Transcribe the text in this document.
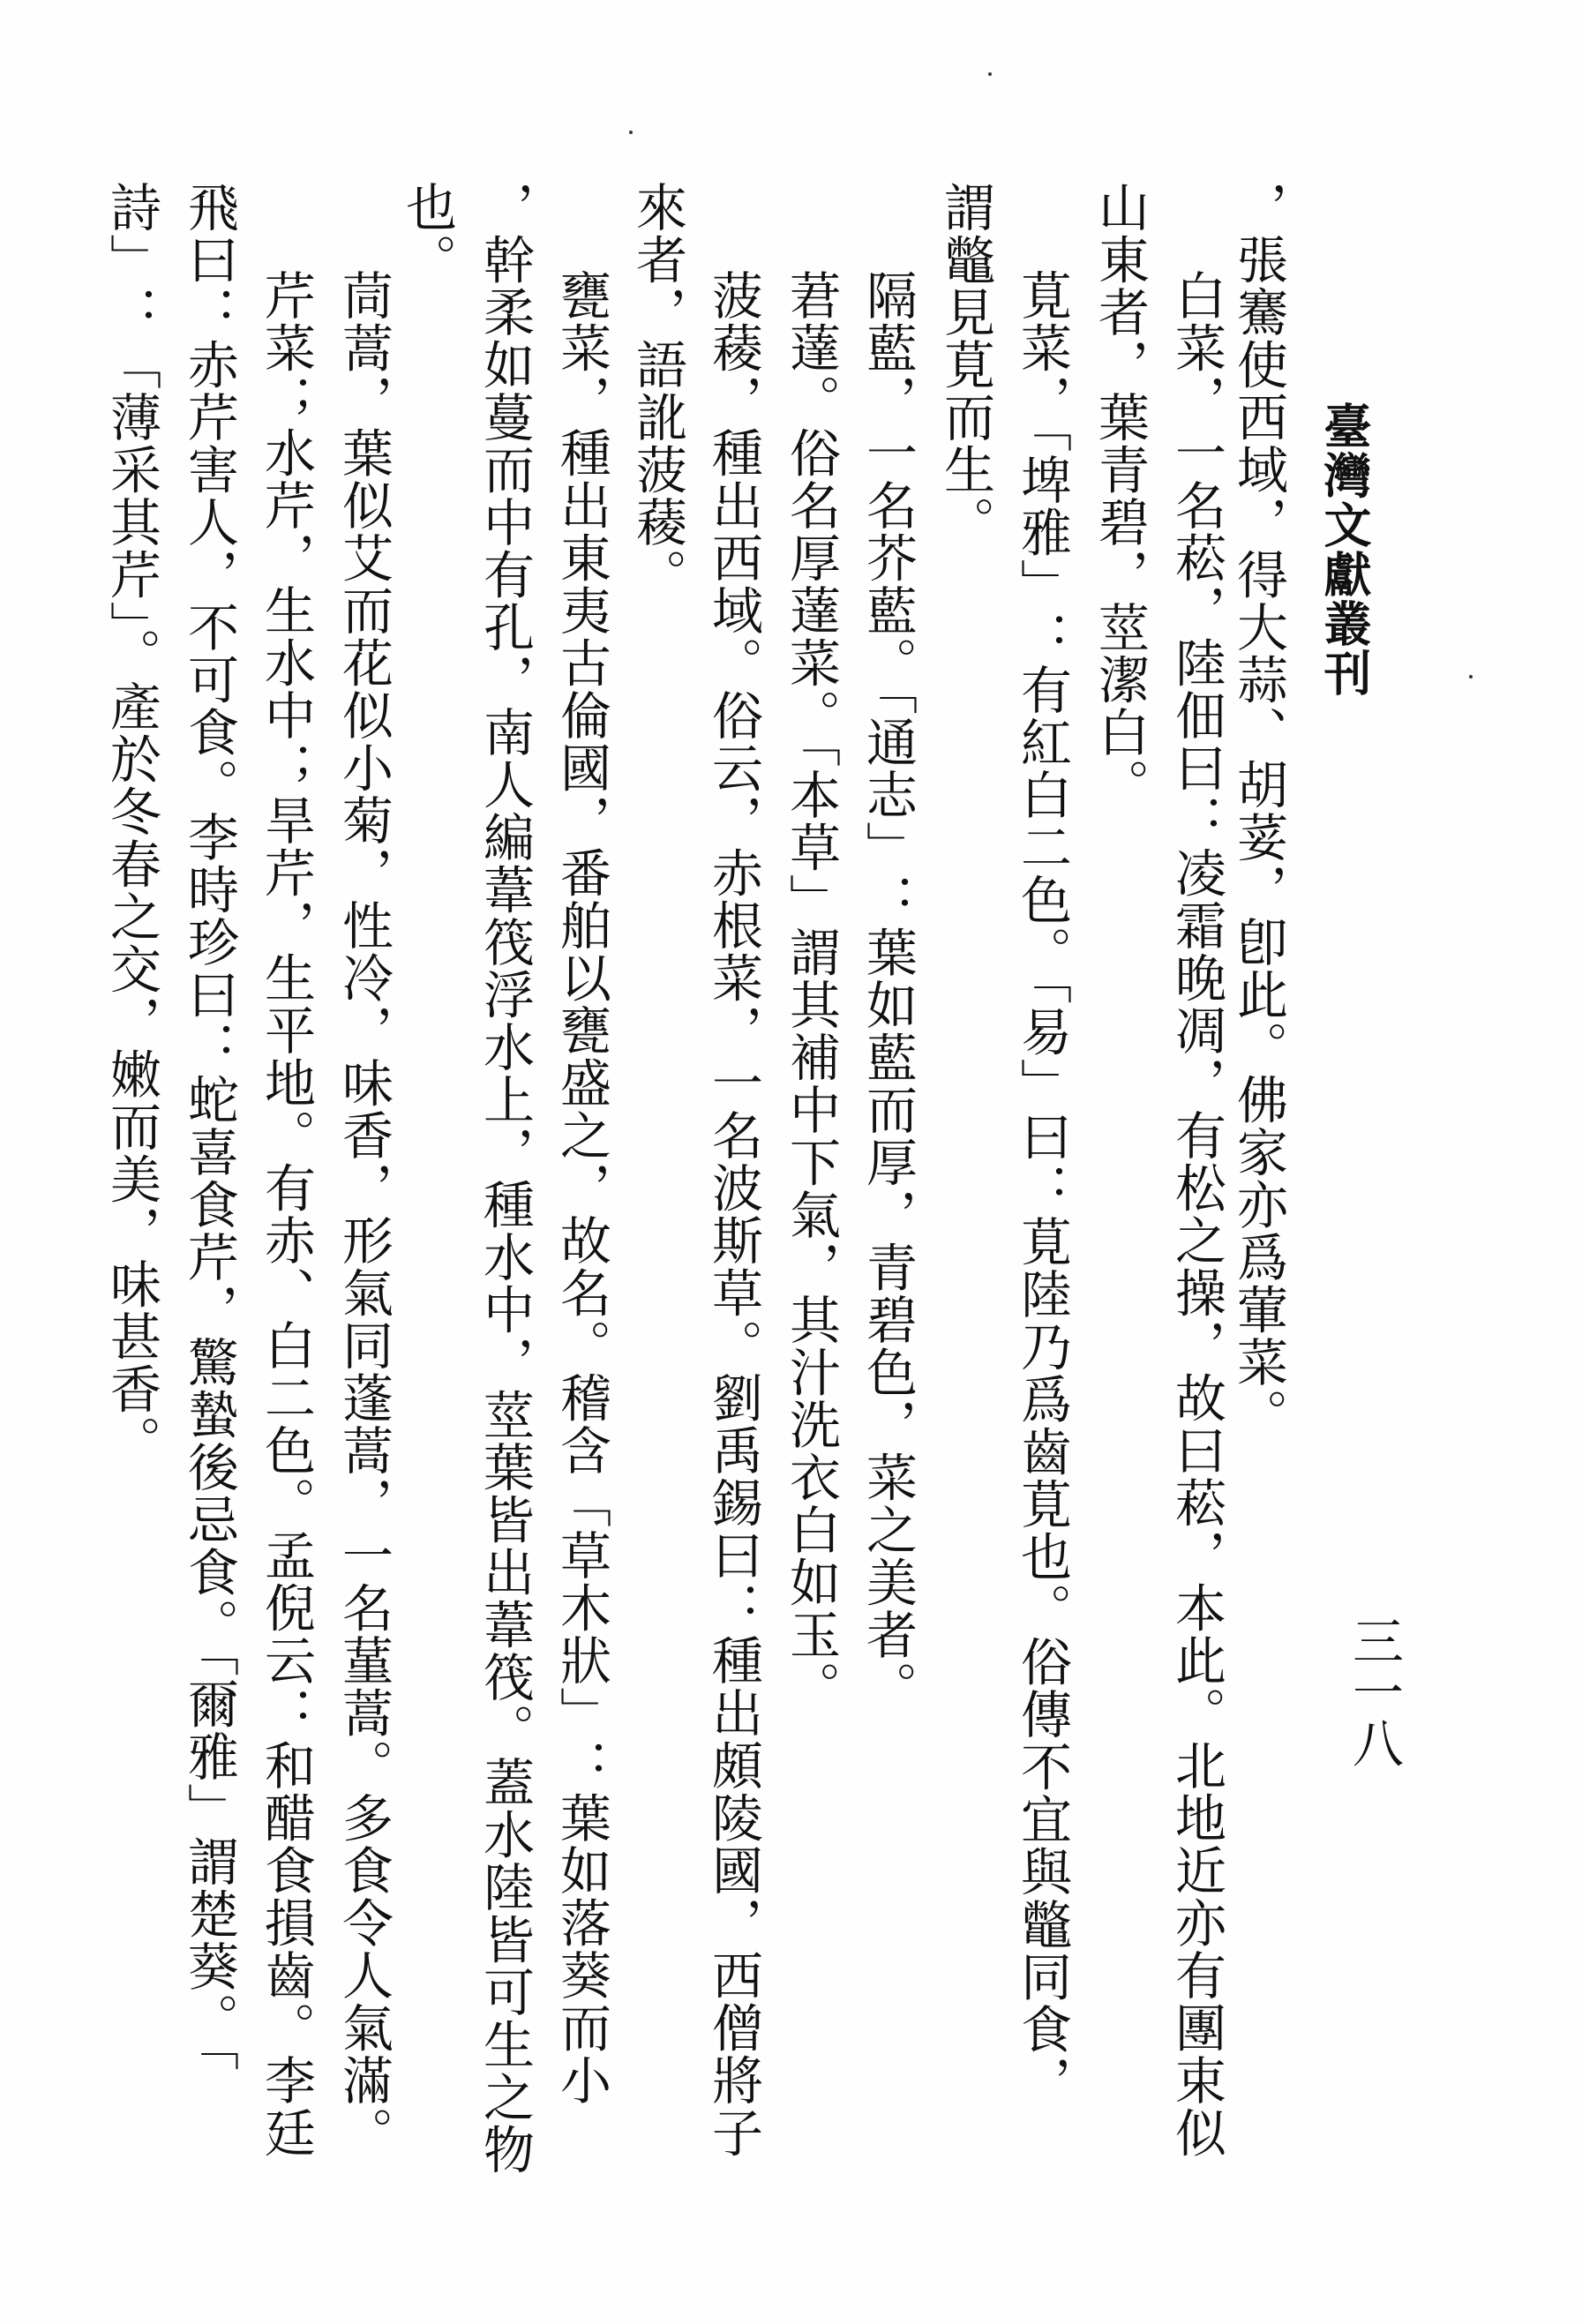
臺灣文獻叢刊
三一八
，張騫使西域，得大蒜、胡荽，卽此。佛家亦爲葷菜。
白菜，一名菘，陸佃曰：凌霜晚凋，有松之操，故曰菘，本此。北地近亦有團束似
山東者，葉青碧，莖潔白。
莧菜，「埤雅」：有紅白二色。「易」曰：莧陸乃爲齒莧也。俗傳不宜與鼈同食，
謂鼈見莧而生。
隔藍，一名芥藍。「通志」：葉如藍而厚，青碧色，菜之美者。
莙薘。俗名厚薘菜。「本草」謂其補中下氣，其汁洗衣白如玉。
菠薐，種出西域。俗云，赤根菜，一名波斯草。劉禹錫曰：種出頗陵國，西僧將子
來者，語訛菠薐。
甕菜，種出東夷古倫國，番舶以甕盛之，故名。稽含「草木狀」：葉如落葵而小
，幹柔如蔓而中有孔，南人編葦筏浮水上，種水中，莖葉皆出葦筏。蓋水陸皆可生之物
也。
茼蒿，葉似艾而花似小菊，性冷，味香，形氣同蓬蒿，一名蓳蒿。多食令人氣滿。
芹菜；水芹，生水中；旱芹，生平地。有赤、白二色。孟倪云：和醋食損齒。李廷
飛曰：赤芹害人，不可食。李時珍曰：蛇喜食芹，驚蟄後忌食。「爾雅」謂楚葵。「
詩」：「薄采其芹」。產於冬春之交，嫩而美，味甚香。
